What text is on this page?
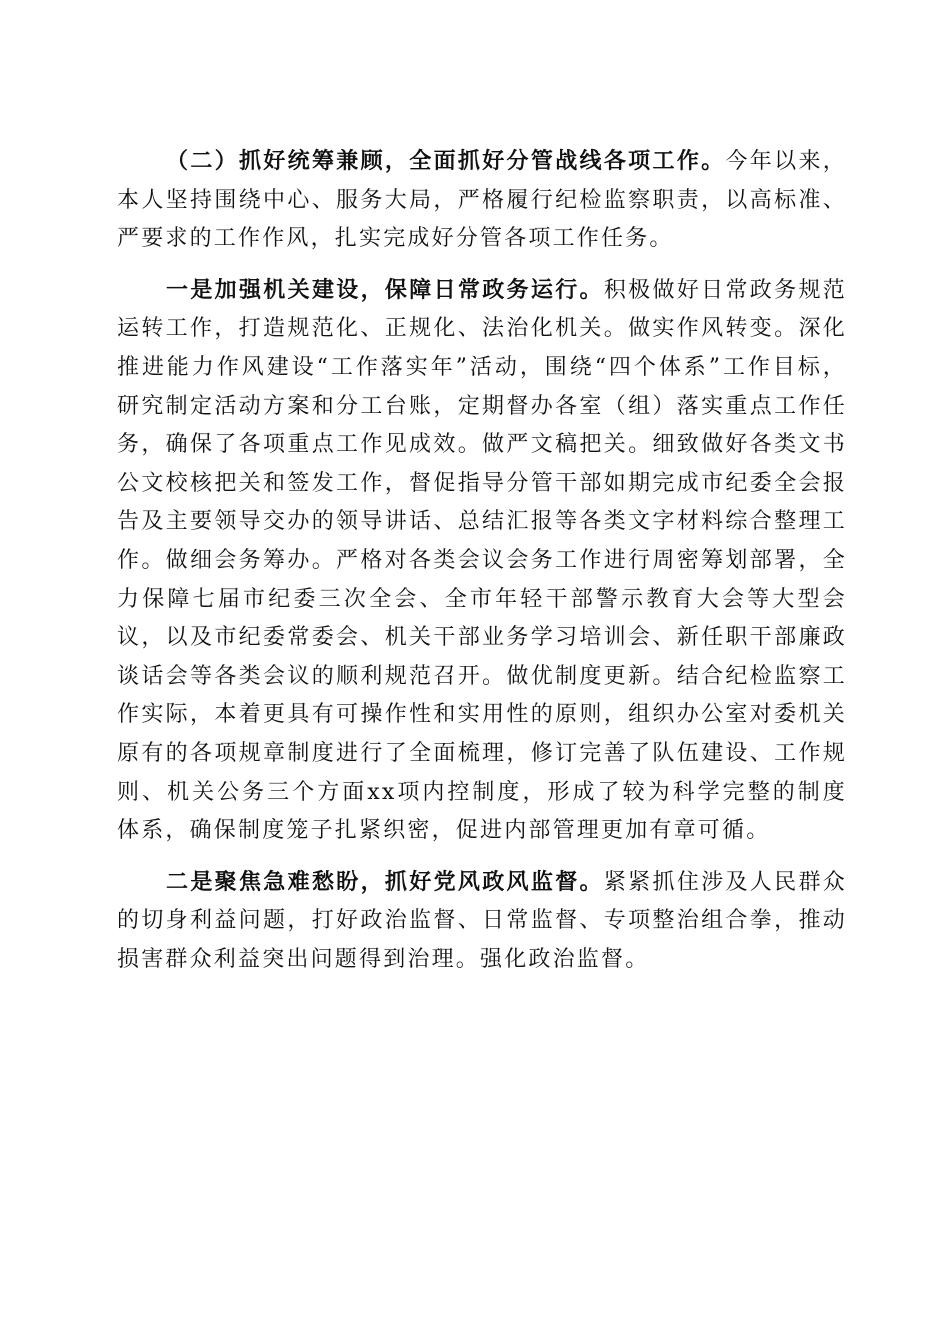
（二）抓好统筹兼顾，全面抓好分管战线各项工作。今年以来，本人坚持围绕中心、服务大局，严格履行纪检监察职责，以高标准、严要求的工作作风，扎实完成好分管各项工作任务。

一是加强机关建设，保障日常政务运行。积极做好日常政务规范运转工作，打造规范化、正规化、法治化机关。做实作风转变。深化推进能力作风建设“工作落实年”活动，围绕“四个体系”工作目标，研究制定活动方案和分工台账，定期督办各室（组）落实重点工作任务，确保了各项重点工作见成效。做严文稿把关。细致做好各类文书公文校核把关和签发工作，督促指导分管干部如期完成市纪委全会报告及主要领导交办的领导讲话、总结汇报等各类文字材料综合整理工作。做细会务筹办。严格对各类会议会务工作进行周密筹划部署，全力保障七届市纪委三次全会、全市年轻干部警示教育大会等大型会议，以及市纪委常委会、机关干部业务学习培训会、新任职干部廉政谈话会等各类会议的顺利规范召开。做优制度更新。结合纪检监察工作实际，本着更具有可操作性和实用性的原则，组织办公室对委机关原有的各项规章制度进行了全面梳理，修订完善了队伍建设、工作规则、机关公务三个方面xx项内控制度，形成了较为科学完整的制度体系，确保制度笼子扎紧织密，促进内部管理更加有章可循。

二是聚焦急难愁盼，抓好党风政风监督。紧紧抓住涉及人民群众的切身利益问题，打好政治监督、日常监督、专项整治组合拳，推动损害群众利益突出问题得到治理。强化政治监督。
